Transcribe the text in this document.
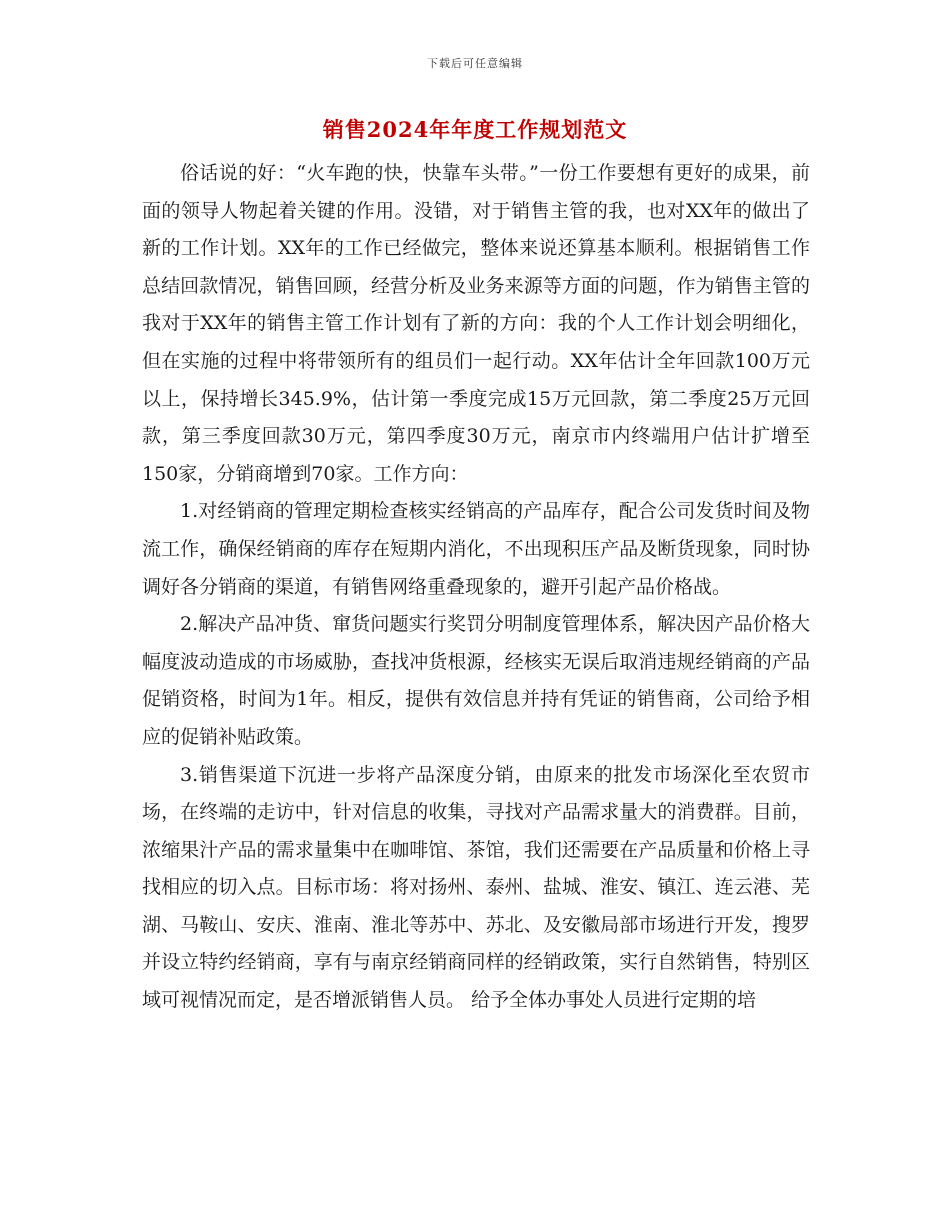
下载后可任意编辑
销售2024年年度工作规划范文

俗话说的好：“火车跑的快，快靠车头带。”一份工作要想有更好的成果，前面的领导人物起着关键的作用。没错，对于销售主管的我，也对XX年的做出了新的工作计划。XX年的工作已经做完，整体来说还算基本顺利。根据销售工作总结回款情况，销售回顾，经营分析及业务来源等方面的问题，作为销售主管的我对于XX年的销售主管工作计划有了新的方向：我的个人工作计划会明细化，但在实施的过程中将带领所有的组员们一起行动。XX年估计全年回款100万元以上，保持增长345.9%，估计第一季度完成15万元回款，第二季度25万元回款，第三季度回款30万元，第四季度30万元，南京市内终端用户估计扩增至150家，分销商增到70家。工作方向：

1.对经销商的管理定期检查核实经销高的产品库存，配合公司发货时间及物流工作，确保经销商的库存在短期内消化，不出现积压产品及断货现象，同时协调好各分销商的渠道，有销售网络重叠现象的，避开引起产品价格战。

2.解决产品冲货、窜货问题实行奖罚分明制度管理体系，解决因产品价格大幅度波动造成的市场威胁，查找冲货根源，经核实无误后取消违规经销商的产品促销资格，时间为1年。相反，提供有效信息并持有凭证的销售商，公司给予相应的促销补贴政策。

3.销售渠道下沉进一步将产品深度分销，由原来的批发市场深化至农贸市场，在终端的走访中，针对信息的收集，寻找对产品需求量大的消费群。目前，浓缩果汁产品的需求量集中在咖啡馆、茶馆，我们还需要在产品质量和价格上寻找相应的切入点。目标市场：将对扬州、泰州、盐城、淮安、镇江、连云港、芜湖、马鞍山、安庆、淮南、淮北等苏中、苏北、及安徽局部市场进行开发，搜罗并设立特约经销商，享有与南京经销商同样的经销政策，实行自然销售，特别区域可视情况而定，是否增派销售人员。 给予全体办事处人员进行定期的培
